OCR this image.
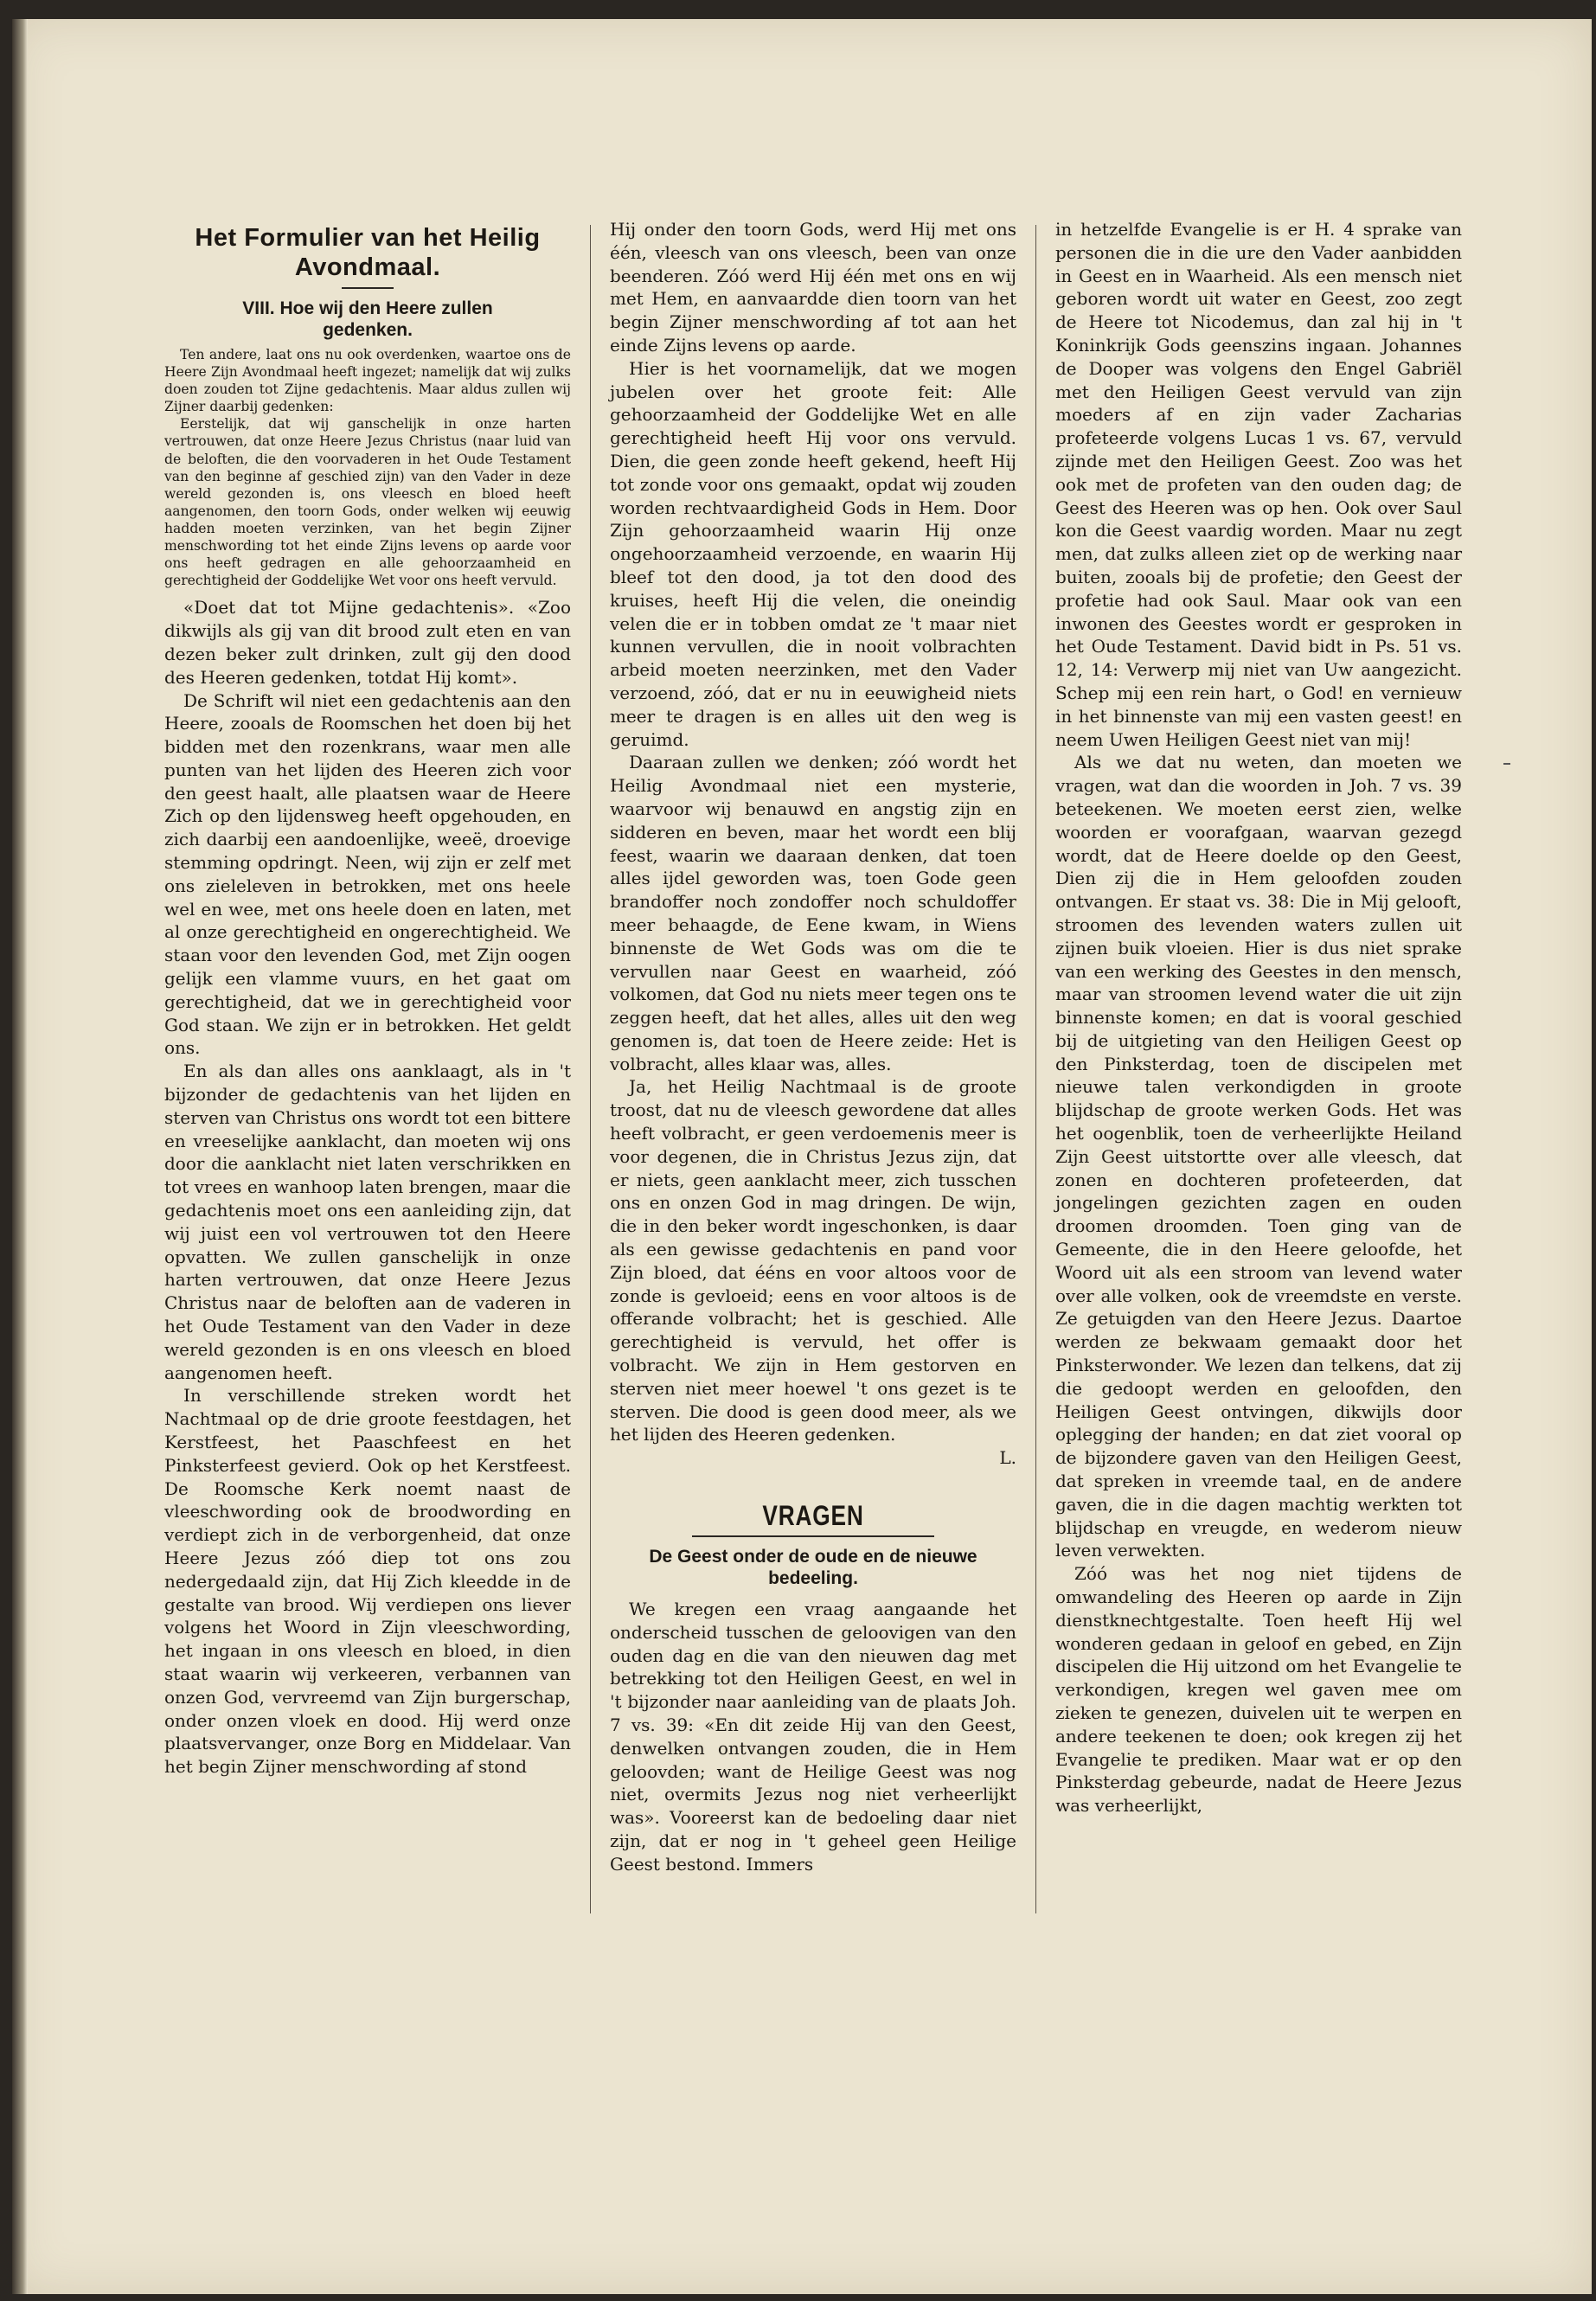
Het Formulier van het Heilig
Avondmaal.
VIII. Hoe wij den Heere zullen
gedenken.

Ten andere, laat ons nu ook overdenken, waartoe ons de Heere Zijn Avondmaal heeft ingezet; namelijk dat wij zulks doen zouden tot Zijne gedachtenis. Maar aldus zullen wij Zijner daarbij gedenken:

Eerstelijk, dat wij ganschelijk in onze harten vertrouwen, dat onze Heere Jezus Christus (naar luid van de beloften, die den voorvaderen in het Oude Testament van den beginne af geschied zijn) van den Vader in deze wereld gezonden is, ons vleesch en bloed heeft aangenomen, den toorn Gods, onder welken wij eeuwig hadden moeten verzinken, van het begin Zijner menschwording tot het einde Zijns levens op aarde voor ons heeft gedragen en alle gehoorzaamheid en gerechtigheid der Goddelijke Wet voor ons heeft vervuld.

«Doet dat tot Mijne gedachtenis». «Zoo dikwijls als gij van dit brood zult eten en van dezen beker zult drinken, zult gij den dood des Heeren gedenken, totdat Hij komt».

De Schrift wil niet een gedachtenis aan den Heere, zooals de Roomschen het doen bij het bidden met den rozenkrans, waar men alle punten van het lijden des Heeren zich voor den geest haalt, alle plaatsen waar de Heere Zich op den lijdensweg heeft opgehouden, en zich daarbij een aandoenlijke, weeë, droevige stemming opdringt. Neen, wij zijn er zelf met ons zieleleven in betrokken, met ons heele wel en wee, met ons heele doen en laten, met al onze gerechtigheid en ongerechtigheid. We staan voor den levenden God, met Zijn oogen gelijk een vlamme vuurs, en het gaat om gerechtigheid, dat we in gerechtigheid voor God staan. We zijn er in betrokken. Het geldt ons.

En als dan alles ons aanklaagt, als in 't bijzonder de gedachtenis van het lijden en sterven van Christus ons wordt tot een bittere en vreeselijke aanklacht, dan moeten wij ons door die aanklacht niet laten verschrikken en tot vrees en wanhoop laten brengen, maar die gedachtenis moet ons een aanleiding zijn, dat wij juist een vol vertrouwen tot den Heere opvatten. We zullen ganschelijk in onze harten vertrouwen, dat onze Heere Jezus Christus naar de beloften aan de vaderen in het Oude Testament van den Vader in deze wereld gezonden is en ons vleesch en bloed aangenomen heeft.

In verschillende streken wordt het Nachtmaal op de drie groote feestdagen, het Kerstfeest, het Paaschfeest en het Pinksterfeest gevierd. Ook op het Kerstfeest. De Roomsche Kerk noemt naast de vleeschwording ook de broodwording en verdiept zich in de verborgenheid, dat onze Heere Jezus zóó diep tot ons zou nedergedaald zijn, dat Hij Zich kleedde in de gestalte van brood. Wij verdiepen ons liever volgens het Woord in Zijn vleeschwording, het ingaan in ons vleesch en bloed, in dien staat waarin wij verkeeren, verbannen van onzen God, vervreemd van Zijn burgerschap, onder onzen vloek en dood. Hij werd onze plaatsvervanger, onze Borg en Middelaar. Van het begin Zijner menschwording af stond

Hij onder den toorn Gods, werd Hij met ons één, vleesch van ons vleesch, been van onze beenderen. Zóó werd Hij één met ons en wij met Hem, en aanvaardde dien toorn van het begin Zijner menschwording af tot aan het einde Zijns levens op aarde.

Hier is het voornamelijk, dat we mogen jubelen over het groote feit: Alle gehoorzaamheid der Goddelijke Wet en alle gerechtigheid heeft Hij voor ons vervuld. Dien, die geen zonde heeft gekend, heeft Hij tot zonde voor ons gemaakt, opdat wij zouden worden rechtvaardigheid Gods in Hem. Door Zijn gehoorzaamheid waarin Hij onze ongehoorzaamheid verzoende, en waarin Hij bleef tot den dood, ja tot den dood des kruises, heeft Hij die velen, die oneindig velen die er in tobben omdat ze 't maar niet kunnen vervullen, die in nooit volbrachten arbeid moeten neerzinken, met den Vader verzoend, zóó, dat er nu in eeuwigheid niets meer te dragen is en alles uit den weg is geruimd.

Daaraan zullen we denken; zóó wordt het Heilig Avondmaal niet een mysterie, waarvoor wij benauwd en angstig zijn en sidderen en beven, maar het wordt een blij feest, waarin we daaraan denken, dat toen alles ijdel geworden was, toen Gode geen brandoffer noch zondoffer noch schuldoffer meer behaagde, de Eene kwam, in Wiens binnenste de Wet Gods was om die te vervullen naar Geest en waarheid, zóó volkomen, dat God nu niets meer tegen ons te zeggen heeft, dat het alles, alles uit den weg genomen is, dat toen de Heere zeide: Het is volbracht, alles klaar was, alles.

Ja, het Heilig Nachtmaal is de groote troost, dat nu de vleesch gewordene dat alles heeft volbracht, er geen verdoemenis meer is voor degenen, die in Christus Jezus zijn, dat er niets, geen aanklacht meer, zich tusschen ons en onzen God in mag dringen. De wijn, die in den beker wordt ingeschonken, is daar als een gewisse gedachtenis en pand voor Zijn bloed, dat ééns en voor altoos voor de zonde is gevloeid; eens en voor altoos is de offerande volbracht; het is geschied. Alle gerechtigheid is vervuld, het offer is volbracht. We zijn in Hem gestorven en sterven niet meer hoewel 't ons gezet is te sterven. Die dood is geen dood meer, als we het lijden des Heeren gedenken.

L.
VRAGEN
De Geest onder de oude en de nieuwe
bedeeling.

We kregen een vraag aangaande het onderscheid tusschen de geloovigen van den ouden dag en die van den nieuwen dag met betrekking tot den Heiligen Geest, en wel in 't bijzonder naar aanleiding van de plaats Joh. 7 vs. 39: «En dit zeide Hij van den Geest, denwelken ontvangen zouden, die in Hem geloovden; want de Heilige Geest was nog niet, overmits Jezus nog niet verheerlijkt was». Vooreerst kan de bedoeling daar niet zijn, dat er nog in 't geheel geen Heilige Geest bestond. Immers

in hetzelfde Evangelie is er H. 4 sprake van personen die in die ure den Vader aanbidden in Geest en in Waarheid. Als een mensch niet geboren wordt uit water en Geest, zoo zegt de Heere tot Nicodemus, dan zal hij in 't Koninkrijk Gods geenszins ingaan. Johannes de Dooper was volgens den Engel Gabriël met den Heiligen Geest vervuld van zijn moeders af en zijn vader Zacharias profeteerde volgens Lucas 1 vs. 67, vervuld zijnde met den Heiligen Geest. Zoo was het ook met de profeten van den ouden dag; de Geest des Heeren was op hen. Ook over Saul kon die Geest vaardig worden. Maar nu zegt men, dat zulks alleen ziet op de werking naar buiten, zooals bij de profetie; den Geest der profetie had ook Saul. Maar ook van een inwonen des Geestes wordt er gesproken in het Oude Testament. David bidt in Ps. 51 vs. 12, 14: Verwerp mij niet van Uw aangezicht. Schep mij een rein hart, o God! en vernieuw in het binnenste van mij een vasten geest! en neem Uwen Heiligen Geest niet van mij!

Als we dat nu weten, dan moeten we vragen, wat dan die woorden in Joh. 7 vs. 39 beteekenen. We moeten eerst zien, welke woorden er voorafgaan, waarvan gezegd wordt, dat de Heere doelde op den Geest, Dien zij die in Hem geloofden zouden ontvangen. Er staat vs. 38: Die in Mij gelooft, stroomen des levenden waters zullen uit zijnen buik vloeien. Hier is dus niet sprake van een werking des Geestes in den mensch, maar van stroomen levend water die uit zijn binnenste komen; en dat is vooral geschied bij de uitgieting van den Heiligen Geest op den Pinksterdag, toen de discipelen met nieuwe talen verkondigden in groote blijdschap de groote werken Gods. Het was het oogenblik, toen de verheerlijkte Heiland Zijn Geest uitstortte over alle vleesch, dat zonen en dochteren profeteerden, dat jongelingen gezichten zagen en ouden droomen droomden. Toen ging van de Gemeente, die in den Heere geloofde, het Woord uit als een stroom van levend water over alle volken, ook de vreemdste en verste. Ze getuigden van den Heere Jezus. Daartoe werden ze bekwaam gemaakt door het Pinksterwonder. We lezen dan telkens, dat zij die gedoopt werden en geloofden, den Heiligen Geest ontvingen, dikwijls door oplegging der handen; en dat ziet vooral op de bijzondere gaven van den Heiligen Geest, dat spreken in vreemde taal, en de andere gaven, die in die dagen machtig werkten tot blijdschap en vreugde, en wederom nieuw leven verwekten.

Zóó was het nog niet tijdens de omwandeling des Heeren op aarde in Zijn dienstknechtgestalte. Toen heeft Hij wel wonderen gedaan in geloof en gebed, en Zijn discipelen die Hij uitzond om het Evangelie te verkondigen, kregen wel gaven mee om zieken te genezen, duivelen uit te werpen en andere teekenen te doen; ook kregen zij het Evangelie te prediken. Maar wat er op den Pinksterdag gebeurde, nadat de Heere Jezus was verheerlijkt,
